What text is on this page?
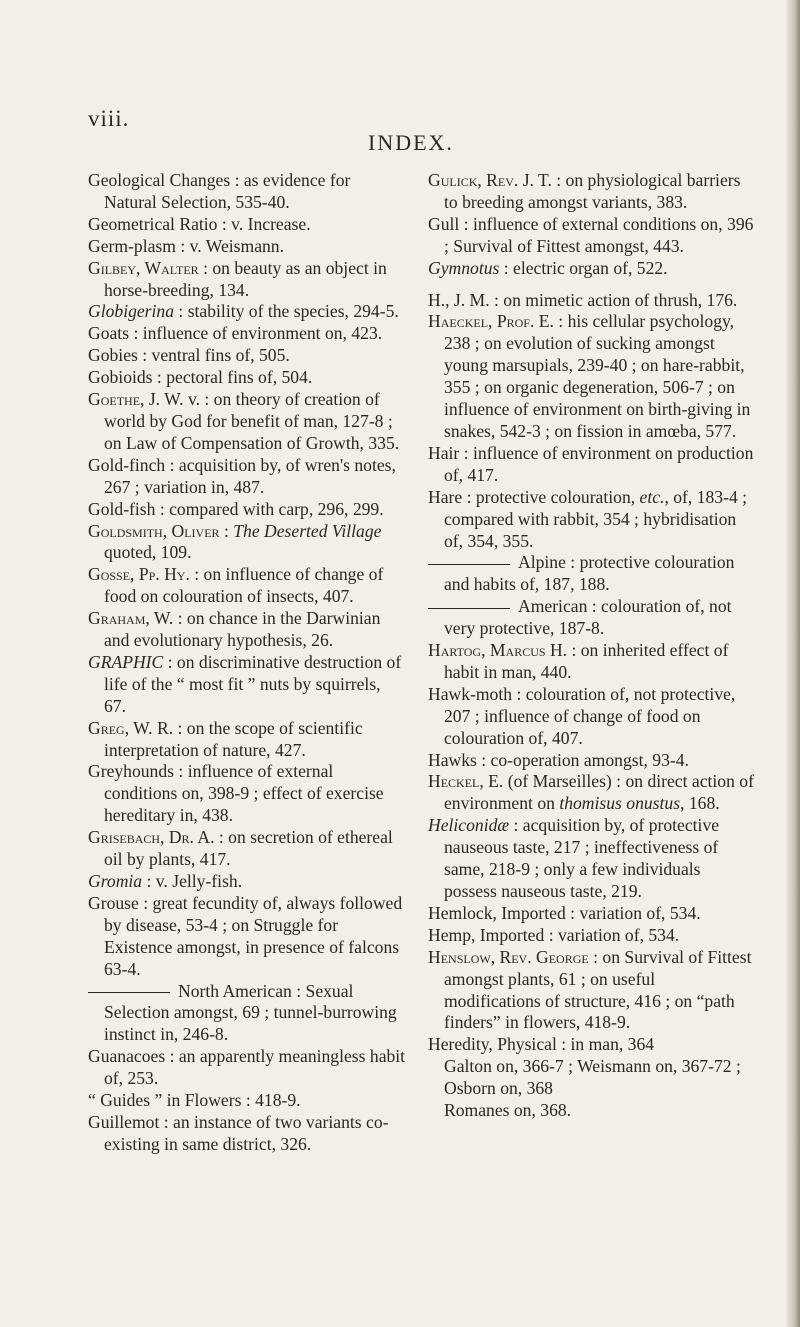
viii.
INDEX.

Geological Changes : as evidence for Natural Selection, 535-40.

Geometrical Ratio : v. Increase.

Germ-plasm : v. Weismann.

Gilbey, Walter : on beauty as an object in horse-breeding, 134.

Globigerina : stability of the species, 294-5.

Goats : influence of environment on, 423.

Gobies : ventral fins of, 505.

Gobioids : pectoral fins of, 504.

Goethe, J. W. v. : on theory of creation of world by God for benefit of man, 127-8 ; on Law of Compensation of Growth, 335.

Gold-finch : acquisition by, of wren's notes, 267 ; variation in, 487.

Gold-fish : compared with carp, 296, 299.

Goldsmith, Oliver : The Deserted Village quoted, 109.

Gosse, Pp. Hy. : on influence of change of food on colouration of insects, 407.

Graham, W. : on chance in the Darwinian and evolutionary hypothesis, 26.

GRAPHIC : on discriminative destruction of life of the “ most fit ” nuts by squirrels, 67.

Greg, W. R. : on the scope of scientific interpretation of nature, 427.

Greyhounds : influence of external conditions on, 398-9 ; effect of exercise hereditary in, 438.

Grisebach, Dr. A. : on secretion of ethereal oil by plants, 417.

Gromia : v. Jelly-fish.

Grouse : great fecundity of, always followed by disease, 53-4 ; on Struggle for Existence amongst, in presence of falcons 63-4.

North American : Sexual Selection amongst, 69 ; tunnel-burrowing instinct in, 246-8.

Guanacoes : an apparently meaningless habit of, 253.

“ Guides ” in Flowers : 418-9.

Guillemot : an instance of two variants co-existing in same district, 326.

Gulick, Rev. J. T. : on physiological barriers to breeding amongst variants, 383.

Gull : influence of external conditions on, 396 ; Survival of Fittest amongst, 443.

Gymnotus : electric organ of, 522.

H., J. M. : on mimetic action of thrush, 176.

Haeckel, Prof. E. : his cellular psychology, 238 ; on evolution of sucking amongst young marsupials, 239-40 ; on hare-rabbit, 355 ; on organic degeneration, 506-7 ; on influence of environment on birth-giving in snakes, 542-3 ; on fission in amœba, 577.

Hair : influence of environment on production of, 417.

Hare : protective colouration, etc., of, 183-4 ; compared with rabbit, 354 ; hybridisation of, 354, 355.

Alpine : protective colouration and habits of, 187, 188.

American : colouration of, not very protective, 187-8.

Hartog, Marcus H. : on inherited effect of habit in man, 440.

Hawk-moth : colouration of, not protective, 207 ; influence of change of food on colouration of, 407.

Hawks : co-operation amongst, 93-4.

Heckel, E. (of Marseilles) : on direct action of environment on thomisus onustus, 168.

Heliconidæ : acquisition by, of protective nauseous taste, 217 ; ineffectiveness of same, 218-9 ; only a few individuals possess nauseous taste, 219.

Hemlock, Imported : variation of, 534.

Hemp, Imported : variation of, 534.

Henslow, Rev. George : on Survival of Fittest amongst plants, 61 ; on useful modifications of structure, 416 ; on “path finders” in flowers, 418-9.

Heredity, Physical : in man, 364

Galton on, 366-7 ; Weismann on, 367-72 ; Osborn on, 368

Romanes on, 368.
